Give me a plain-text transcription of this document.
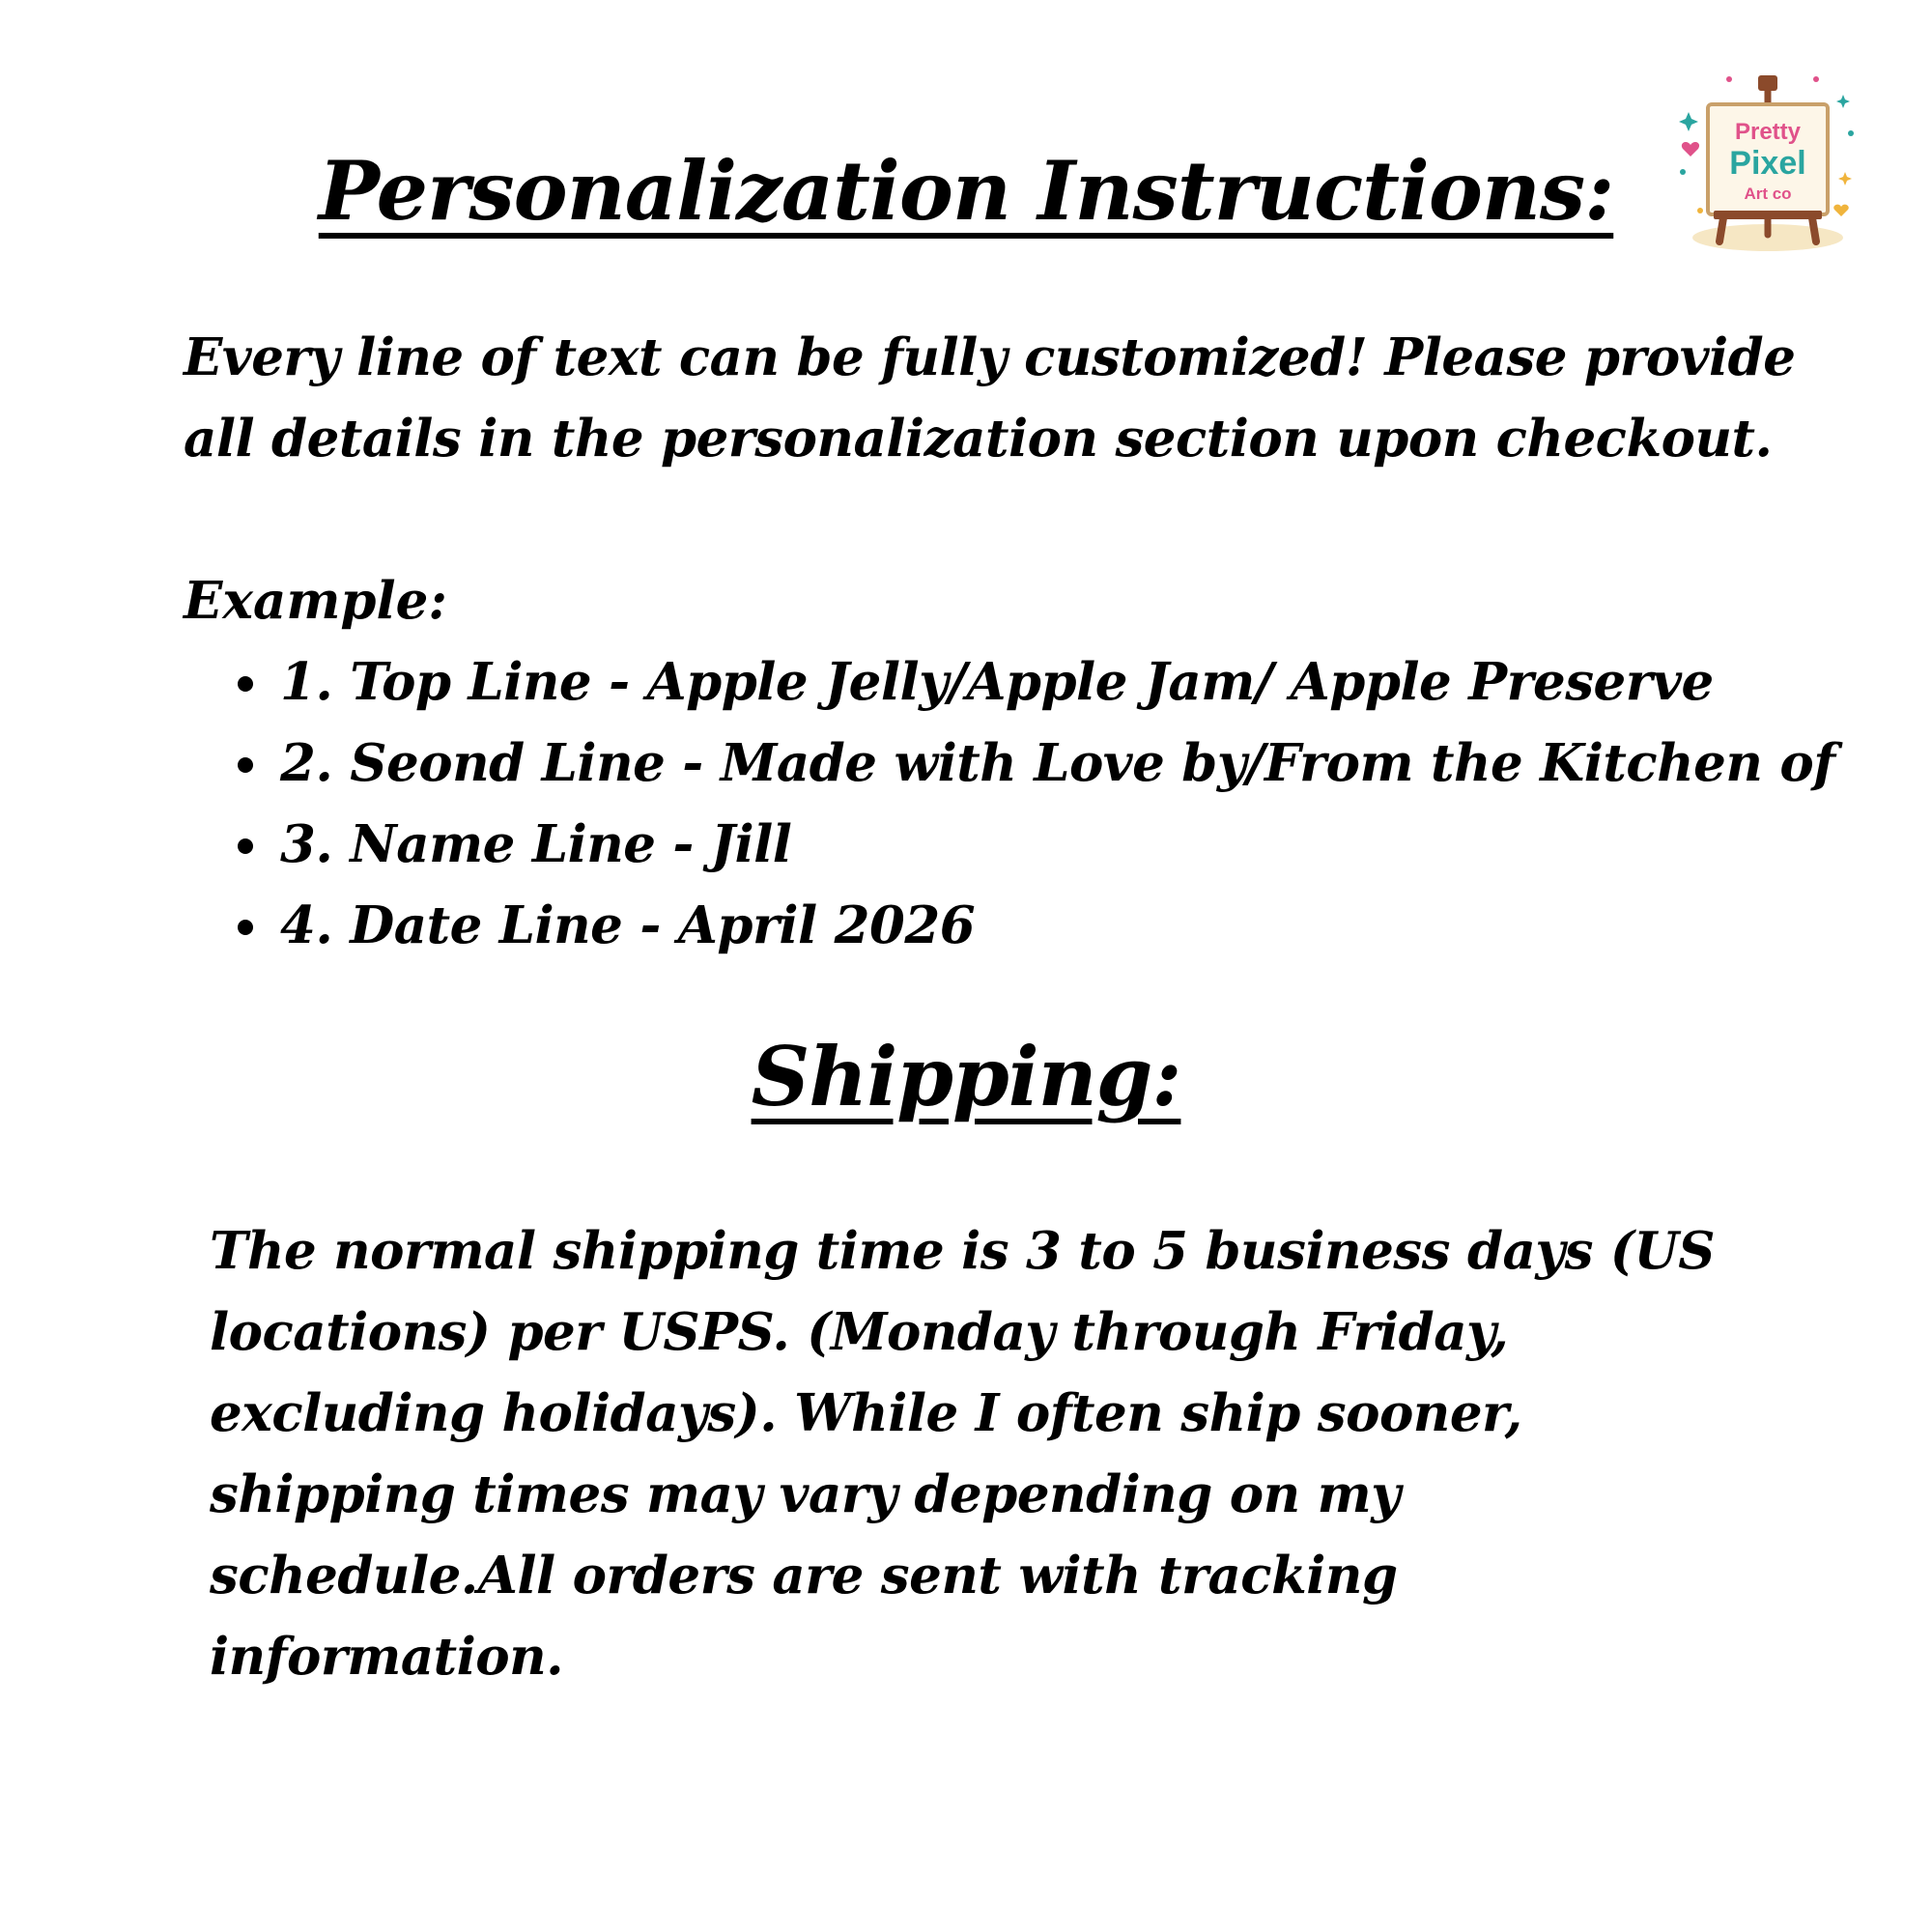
Personalization Instructions:

Every line of text can be fully customized! Please provide all details in the personalization section upon checkout.

Example:

1. Top Line - Apple Jelly/Apple Jam/ Apple Preserve
2. Seond Line - Made with Love by/From the Kitchen of
3. Name Line - Jill
4. Date Line - April 2026
Shipping:

The normal shipping time is 3 to 5 business days (US locations) per USPS. (Monday through Friday, excluding holidays). While I often ship sooner, shipping times may vary depending on my schedule.All orders are sent with tracking information.

Pretty
Pixel
Art co
